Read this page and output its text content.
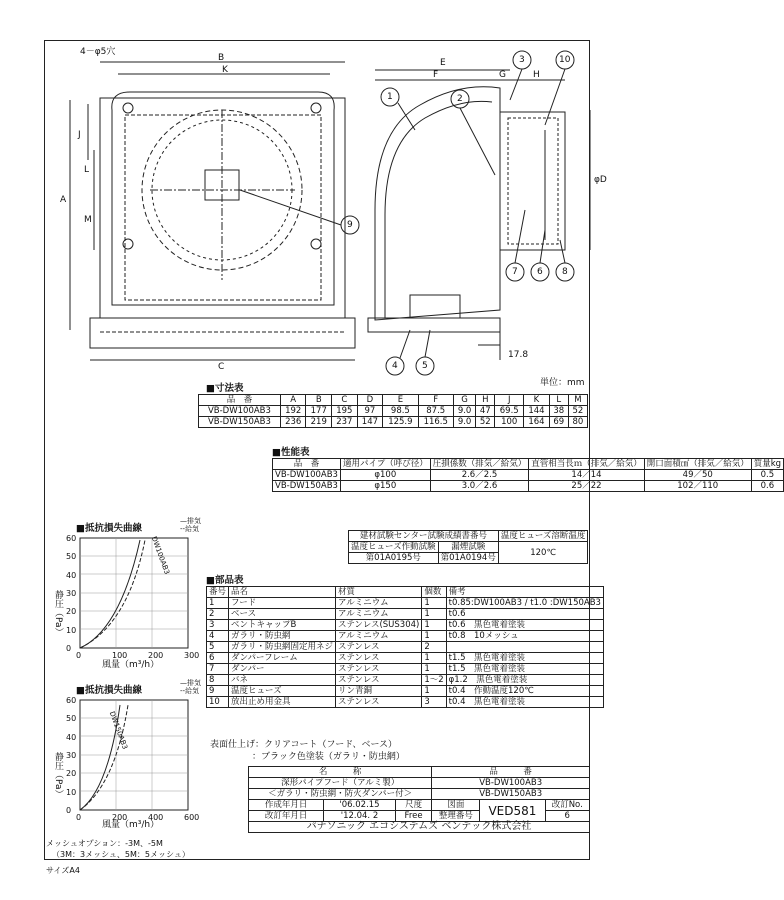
4－φ5穴
B
K
A
J
L
M
C
E
F	G	H
φD
1	2
3
4	5
6
7	8
9
10
17.8
単位：mm
■寸法表
品　番	A	B	C	D	E	F	G	H	J	K	L	M
VB-DW100AB3	192	177	195	97	98.5	87.5	9.0	47	69.5	144	38	52
VB-DW150AB3	236	219	237	147	125.9	116.5	9.0	52	100	164	69	80
■性能表
品　番	適用パイプ（呼び径）	圧損係数（排気／給気）	直管相当長ｍ（排気／給気）	開口面積㎠（排気／給気）	質量kg
VB-DW100AB3	φ100	2.6／2.5	14／14	49／50	0.5
VB-DW150AB3	φ150	3.0／2.6	25／22	102／110	0.6
建材試験センター試験成績書番号		温度ヒューズ溶断温度
温度ヒューズ作動試験	漏煙試験	120℃
第01A0195号	第01A0194号	
■部品表
番号	品名	材質	個数	備考
1	フード	アルミニウム	1	t0.85:DW100AB3 / t1.0 :DW150AB3
2	ベース	アルミニウム	1	t0.6
3	ベントキャップB	ステンレス(SUS304)	1	t0.6　黒色電着塗装
4	ガラリ・防虫網	アルミニウム	1	t0.8　10メッシュ
5	ガラリ・防虫網固定用ネジ	ステンレス	2	
6	ダンパーフレーム	ステンレス	1	t1.5　黒色電着塗装
7	ダンパー	ステンレス	1	t1.5　黒色電着塗装
8	バネ	ステンレス	1～2	φ1.2　黒色電着塗装
9	温度ヒューズ	リン青銅	1	t0.4　作動温度120℃
10	放出止め用金具	ステンレス	3	t0.4　黒色電着塗装
表面仕上げ：クリアコート（フード、ベース）
：ブラック色塗装（ガラリ・防虫網）
■抵抗損失曲線
—排気
--給気
静圧（Pa）
風量（m³/h）
DW100AB3
■抵抗損失曲線
—排気
--給気
静圧（Pa）
風量（m³/h）
DW150AB3
名　　　称			品　　　番		
深形パイプフード（アルミ製）			VB-DW100AB3		
＜ガラリ・防虫網・防火ダンパー付＞			VB-DW150AB3		
作成年月日	'06.02.15	尺度	図面	VED581	改訂No.
改訂年月日	'12.04. 2	Free	整理番号		6
パナソニック エコシステムズ ベンテック株式会社					
メッシュオプション：-3M、-5M
（3M：3メッシュ、5M：5メッシュ）
サイズA4
60
50
40
30
20
10
0
0	100	200	300
60
50
40
30
20
10
0
0	200	400	600
